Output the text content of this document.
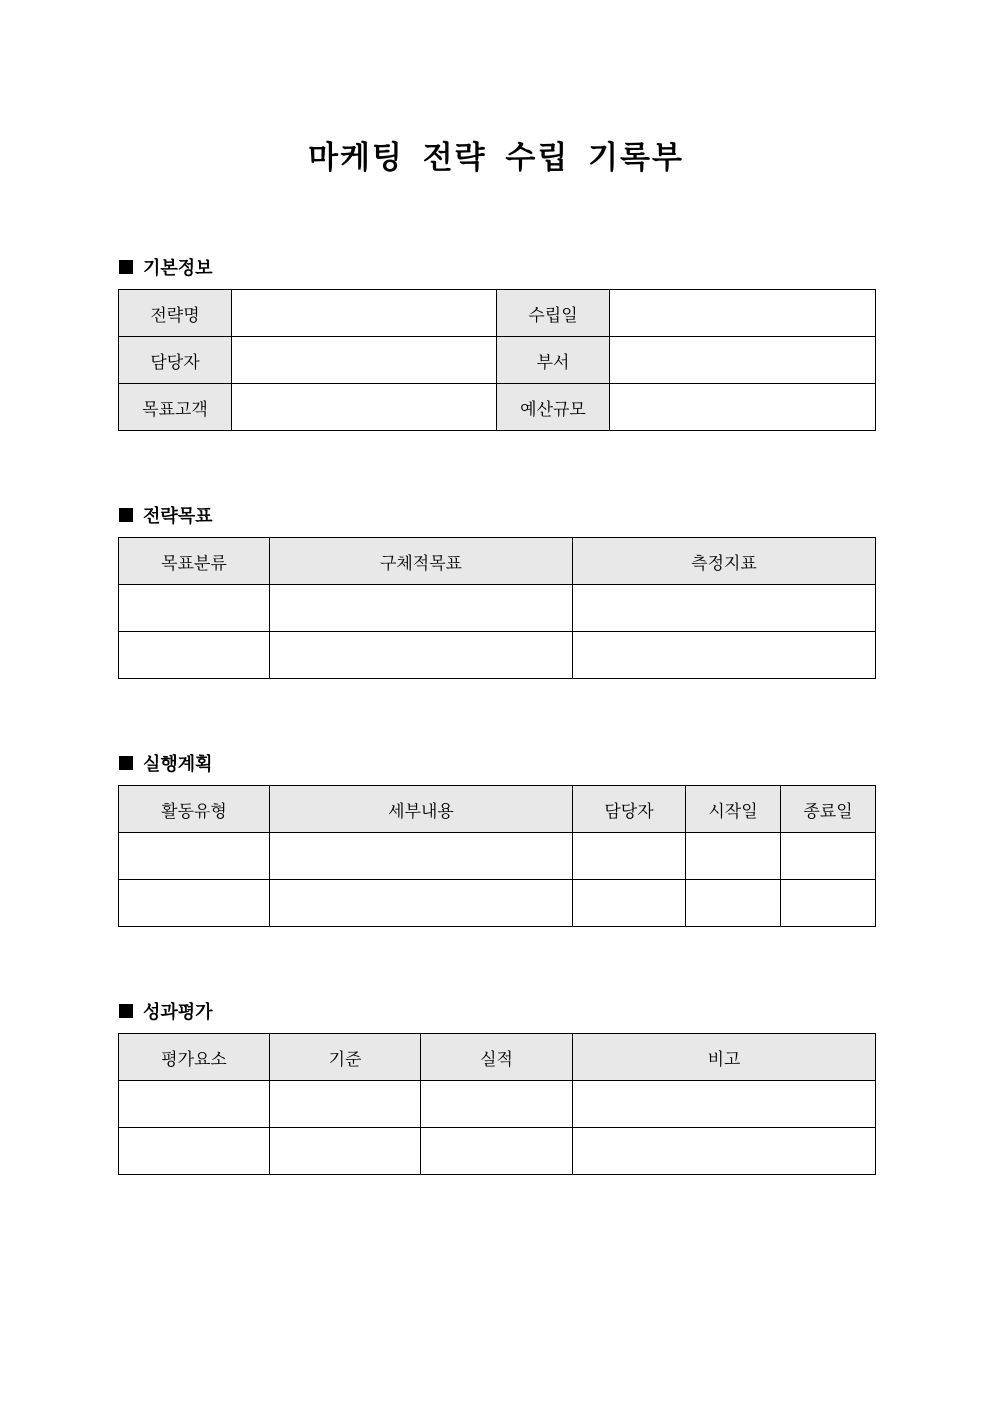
마케팅 전략 수립 기록부
기본정보
전략명		수립일	
담당자		부서	
목표고객		예산규모	
전략목표
목표분류	구체적목표	측정지표

실행계획
활동유형	세부내용	담당자	시작일	종료일

성과평가
평가요소	기준	실적	비고
